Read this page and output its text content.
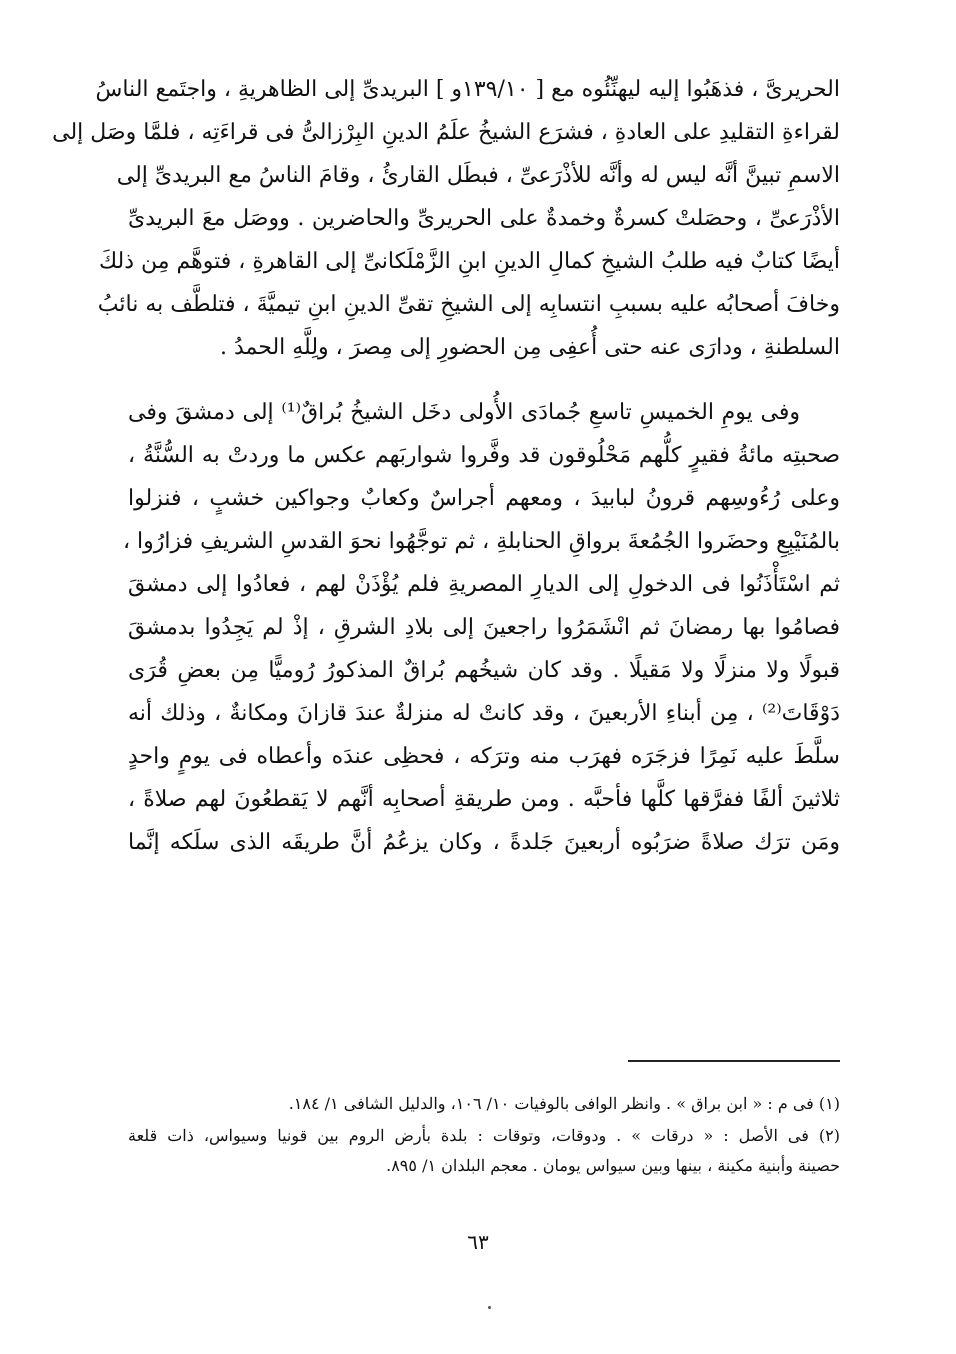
الحريرىَّ ، فذهَبُوا إليه ليهنِّئُوه مع [ ١٣٩/١٠و ] البريدىِّ إلى الظاهريةِ ، واجتَمع الناسُ
لقراءةِ التقليدِ على العادةِ ، فشرَع الشيخُ علَمُ الدينِ البِرْزالىُّ فى قراءَتِه ، فلمَّا وصَل إلى
الاسمِ تبينَّ أنَّه ليس له وأنَّه للأذْرَعىِّ ، فبطَل القارئُ ، وقامَ الناسُ مع البريدىِّ إلى
الأذْرَعىِّ ، وحصَلتْ كسرةٌ وخمدةٌ على الحريرىِّ والحاضرين . ووصَل معَ البريدىِّ
أيضًا كتابٌ فيه طلبُ الشيخِ كمالِ الدينِ ابنِ الزَّمْلَكانىِّ إلى القاهرةِ ، فتوهَّم مِن ذلكَ
وخافَ أصحابُه عليه بسببِ انتسابِه إلى الشيخِ تقىِّ الدينِ ابنِ تيميَّةَ ، فتلطَّف به نائبُ
السلطنةِ ، ودارَى عنه حتى أُعفِى مِن الحضورِ إلى مِصرَ ، ولِلَّهِ الحمدُ .
وفى يومِ الخميسِ تاسعِ جُمادَى الأُولى دخَل الشيخُ بُراقٌ⁽¹⁾ إلى دمشقَ وفى
صحبتِه مائةُ فقيرٍ كلُّهم مَحْلُوقون قد وفَّروا شواربَهم عكس ما وردتْ به السُّنَّةُ ،
وعلى رُءُوسِهم قرونُ لبابيدَ ، ومعهم أجراسٌ وكعابٌ وجواكين خشبٍ ، فنزلوا
بالمُنَيْبِعِ وحضَروا الجُمُعةَ برواقِ الحنابلةِ ، ثم توجَّهُوا نحوَ القدسِ الشريفِ فزارُوا ،
ثم اسْتَأْذَنُوا فى الدخولِ إلى الديارِ المصريةِ فلم يُؤْذَنْ لهم ، فعادُوا إلى دمشقَ
فصامُوا بها رمضانَ ثم انْشَمَرُوا راجعينَ إلى بلادِ الشرقِ ، إذْ لم يَجِدُوا بدمشقَ
قبولًا ولا منزلًا ولا مَقيلًا . وقد كان شيخُهم بُراقٌ المذكورُ رُوميًّا مِن بعضِ قُرَى
دَوْقَاتَ⁽²⁾ ، مِن أبناءِ الأربعينَ ، وقد كانتْ له منزلةٌ عندَ قازانَ ومكانةٌ ، وذلك أنه
سلَّطَ عليه نَمِرًا فزجَرَه فهرَب منه وترَكه ، فحظِى عندَه وأعطاه فى يومٍ واحدٍ
ثلاثينَ ألفًا ففرَّقها كلَّها فأحبَّه . ومن طريقةِ أصحابِه أنَّهم لا يَقطعُونَ لهم صلاةً ،
ومَن ترَك صلاةً ضرَبُوه أربعينَ جَلدةً ، وكان يزعُمُ أنَّ طريقَه الذى سلَكه إنَّما
(١) فى م : « ابن براق » . وانظر الوافى بالوفيات ١٠/ ١٠٦، والدليل الشافى ١/ ١٨٤.
(٢) فى الأصل : « درقات » . ودوقات، وتوقات : بلدة بأرض الروم بين قونيا وسيواس، ذات قلعة
حصينة وأبنية مكينة ، بينها وبين سيواس يومان . معجم البلدان ١/ ٨٩٥.
٦٣
